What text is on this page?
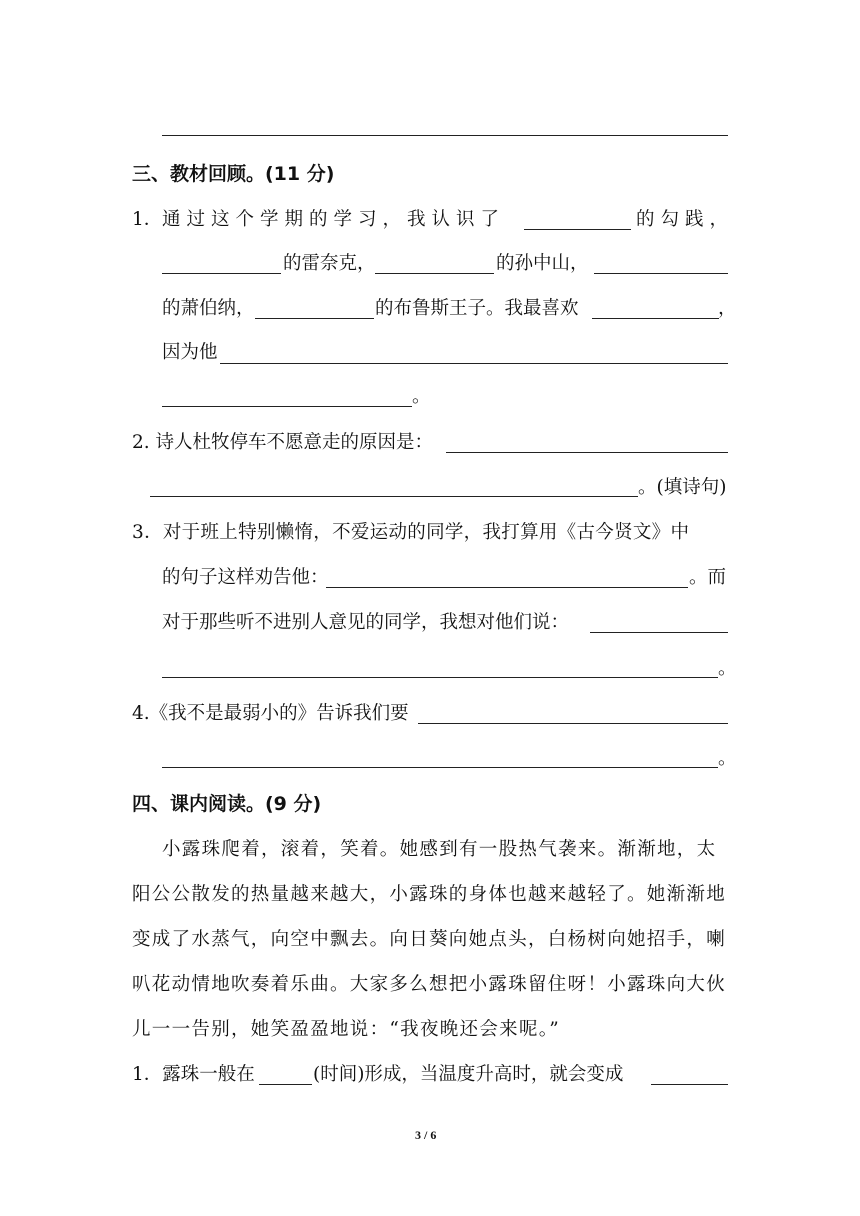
三、教材回顾。(11 分)
1． 通过这个学期的学习，我认识了	的勾践，
的雷奈克，	的孙中山，
的萧伯纳，	的布鲁斯王子。我最喜欢	，
因为他
。
2. 诗人杜牧停车不愿意走的原因是：
。(填诗句)
3．对于班上特别懒惰，不爱运动的同学，我打算用《古今贤文》中
的句子这样劝告他：	。而
对于那些听不进别人意见的同学，我想对他们说：
。
4.《我不是最弱小的》告诉我们要
。
四、课内阅读。(9 分)
小露珠爬着，滚着，笑着。她感到有一股热气袭来。渐渐地，太
阳公公散发的热量越来越大，小露珠的身体也越来越轻了。她渐渐地
变成了水蒸气，向空中飘去。向日葵向她点头，白杨树向她招手，喇
叭花动情地吹奏着乐曲。大家多么想把小露珠留住呀！小露珠向大伙
儿一一告别，她笑盈盈地说：“我夜晚还会来呢。”
1．露珠一般在	(时间)形成，当温度升高时，就会变成
3 / 6
